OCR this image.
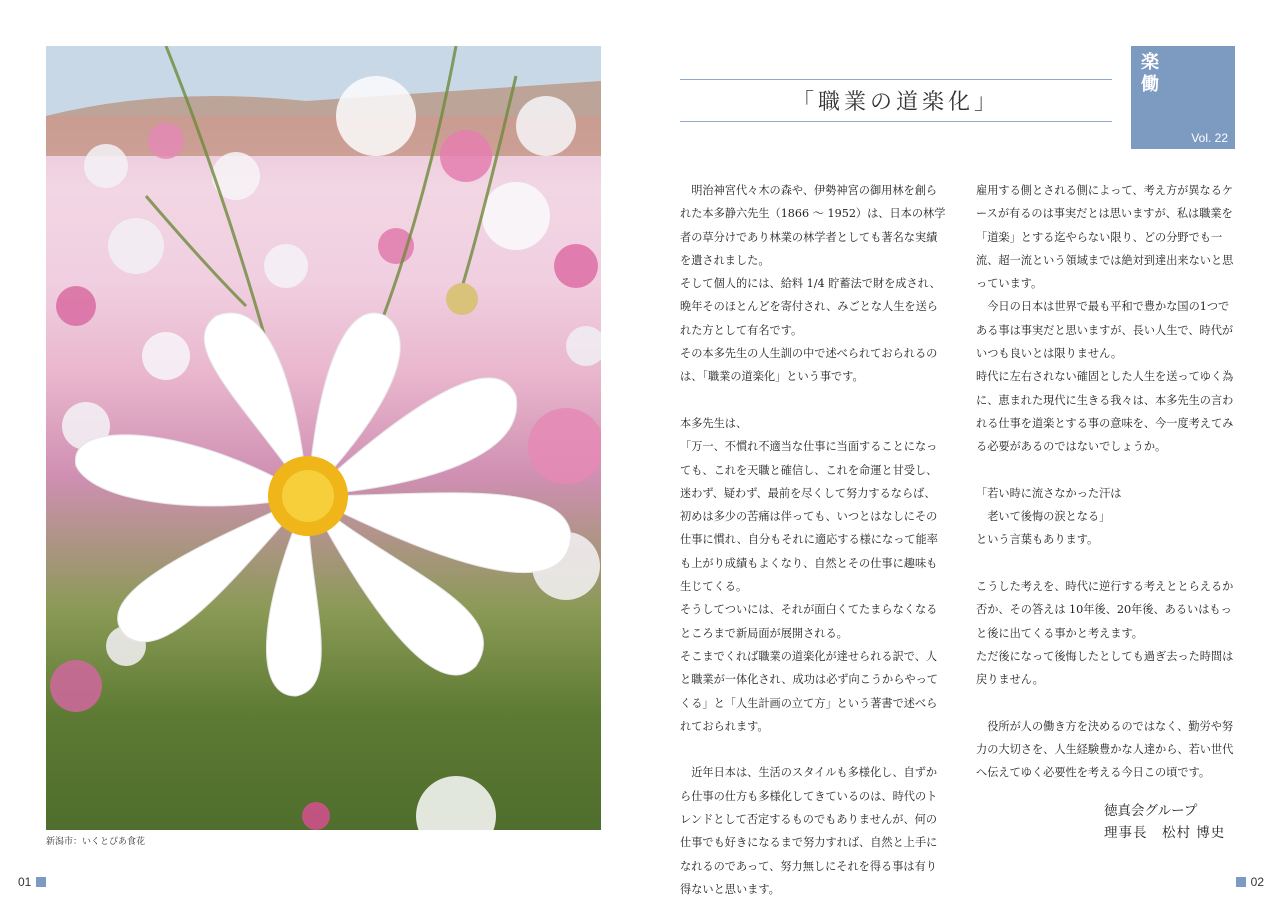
新潟市：いくとぴあ食花
01
「職業の道楽化」
楽働
Vol. 22

　明治神宮代々木の森や、伊勢神宮の御用林を創られた本多静六先生（1866 ～ 1952）は、日本の林学者の草分けであり林業の林学者としても著名な実績を遺されました。

そして個人的には、給料 1/4 貯蓄法で財を成され、晩年そのほとんどを寄付され、みごとな人生を送られた方として有名です。

その本多先生の人生訓の中で述べられておられるのは、「職業の道楽化」という事です。

本多先生は、

「万一、不慣れ不適当な仕事に当面することになっても、これを天職と確信し、これを命運と甘受し、迷わず、疑わず、最前を尽くして努力するならば、初めは多少の苦痛は伴っても、いつとはなしにその仕事に慣れ、自分もそれに適応する様になって能率も上がり成績もよくなり、自然とその仕事に趣味も生じてくる。

そうしてついには、それが面白くてたまらなくなるところまで新局面が展開される。

そこまでくれば職業の道楽化が達せられる訳で、人と職業が一体化され、成功は必ず向こうからやってくる」と「人生計画の立て方」という著書で述べられておられます。

　近年日本は、生活のスタイルも多様化し、自ずから仕事の仕方も多様化してきているのは、時代のトレンドとして否定するものでもありませんが、何の仕事でも好きになるまで努力すれば、自然と上手になれるのであって、努力無しにそれを得る事は有り得ないと思います。

雇用する側とされる側によって、考え方が異なるケースが有るのは事実だとは思いますが、私は職業を「道楽」とする迄やらない限り、どの分野でも一流、超一流という領域までは絶対到達出来ないと思っています。

　今日の日本は世界で最も平和で豊かな国の1つである事は事実だと思いますが、長い人生で、時代がいつも良いとは限りません。

時代に左右されない確固とした人生を送ってゆく為に、恵まれた現代に生きる我々は、本多先生の言われる仕事を道楽とする事の意味を、今一度考えてみる必要があるのではないでしょうか。

「若い時に流さなかった汗は

　老いて後悔の涙となる」

という言葉もあります。

こうした考えを、時代に逆行する考えととらえるか否か、その答えは 10年後、20年後、あるいはもっと後に出てくる事かと考えます。

ただ後になって後悔したとしても過ぎ去った時間は戻りません。

　役所が人の働き方を決めるのではなく、勤労や努力の大切さを、人生経験豊かな人達から、若い世代へ伝えてゆく必要性を考える今日この頃です。

徳真会グループ
理事長　 松村 博史
02
